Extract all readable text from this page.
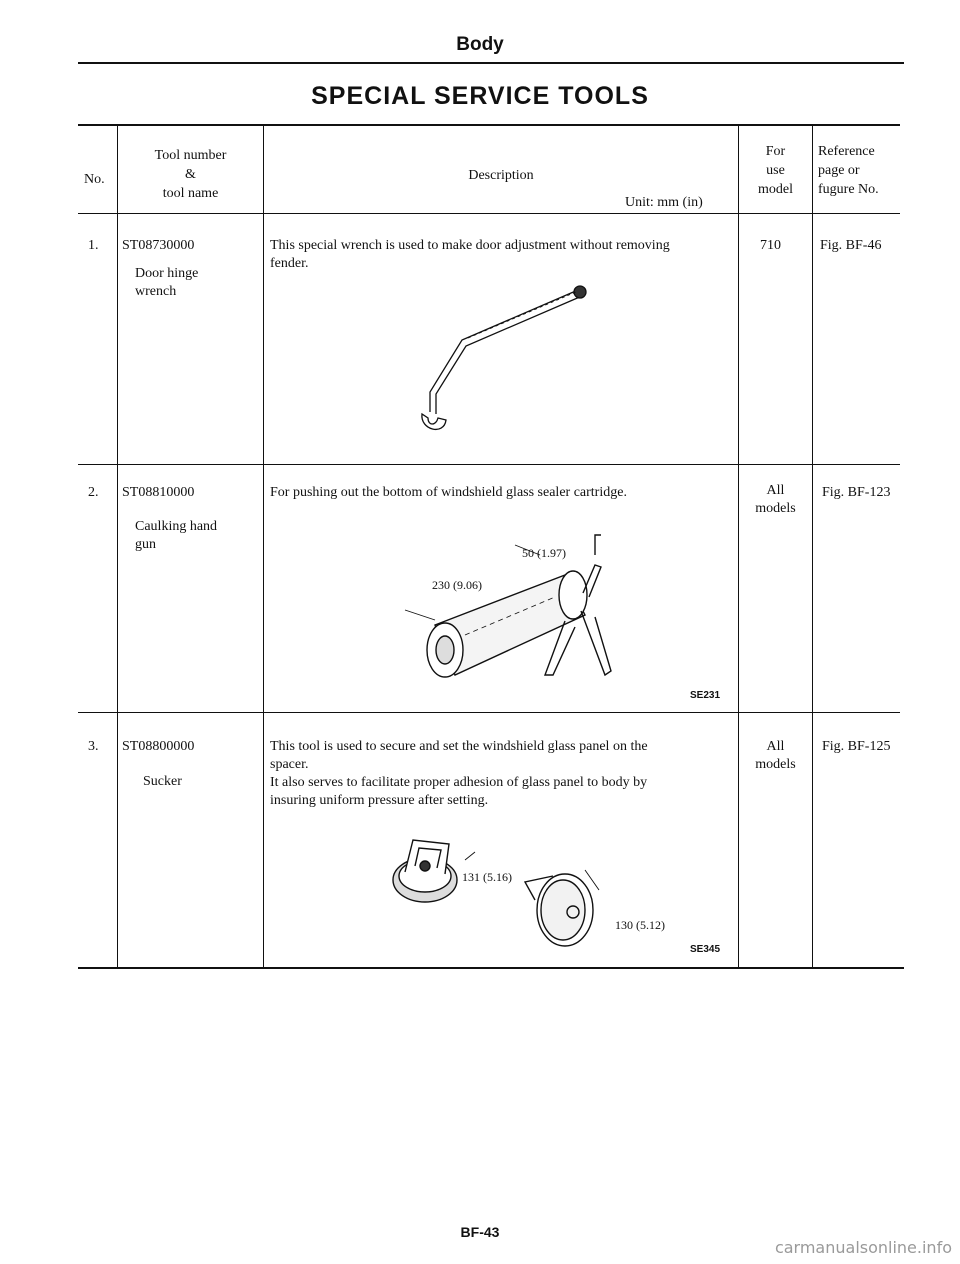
Body
SPECIAL SERVICE TOOLS
No.
Tool number
&
tool name
Description
Unit: mm (in)
For
use
model
Reference
page or
fugure No.
1. ST08730000
Door hinge
wrench
This special wrench is used to make door adjustment without removing
fender.
710	Fig. BF-46
2. ST08810000
Caulking hand
gun
For pushing out the bottom of windshield glass sealer cartridge.	All
models
Fig. BF-123
50 (1.97)
230 (9.06)
SE231
3. ST08800000
Sucker
This tool is used to secure and set the windshield glass panel on the
spacer.
It also serves to facilitate proper adhesion of glass panel to body by
insuring uniform pressure after setting.
All
models
Fig. BF-125
131 (5.16)
130 (5.12)
SE345
BF-43
carmanualsonline.info
